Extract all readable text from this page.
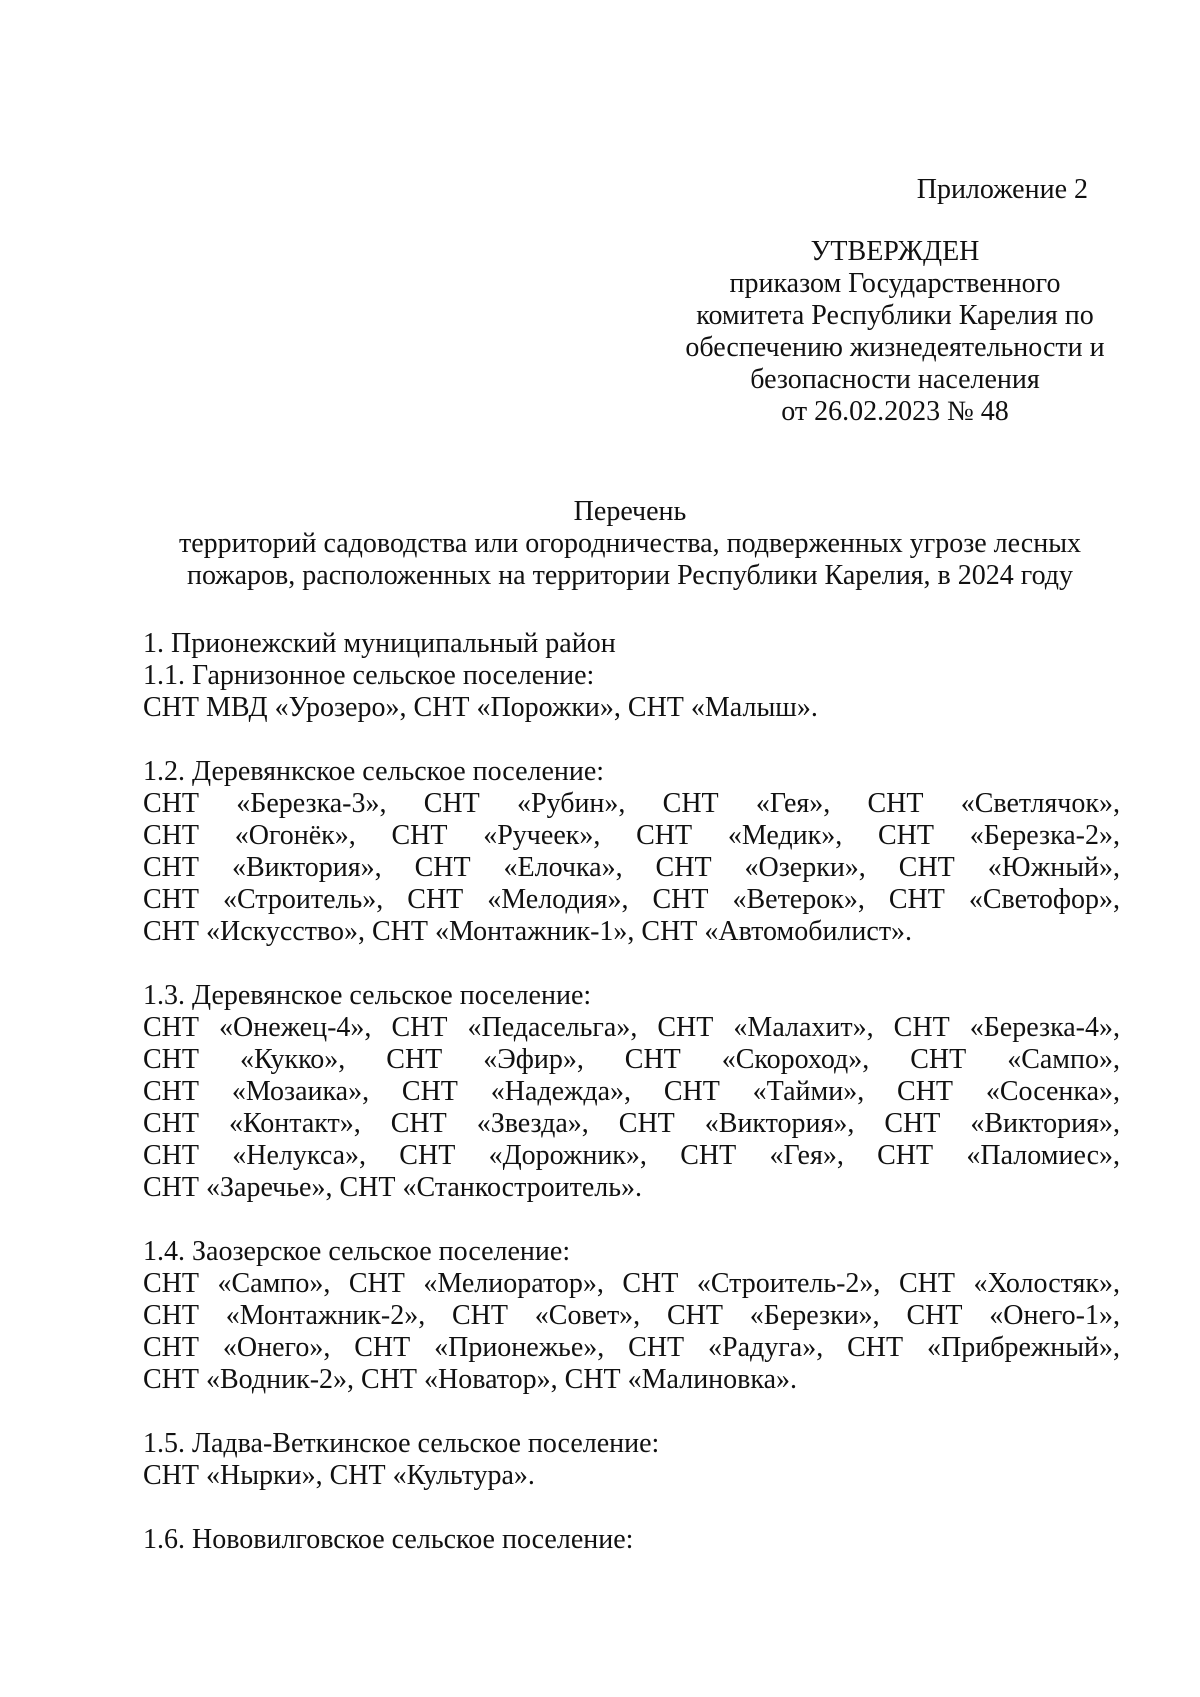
Приложение 2
УТВЕРЖДЕН
приказом Государственного
комитета Республики Карелия по
обеспечению жизнедеятельности и
безопасности населения
от 26.02.2023 № 48
Перечень
территорий садоводства или огородничества, подверженных угрозе лесных
пожаров, расположенных на территории Республики Карелия, в 2024 году
1. Прионежский муниципальный район
1.1. Гарнизонное сельское поселение:
СНТ МВД «Урозеро», СНТ «Порожки», СНТ «Малыш».
1.2. Деревянкское сельское поселение:
СНТ «Березка-3», СНТ «Рубин», СНТ «Гея», СНТ «Светлячок»,
СНТ «Огонёк», СНТ «Ручеек», СНТ «Медик», СНТ «Березка-2»,
СНТ «Виктория», СНТ «Елочка», СНТ «Озерки», СНТ «Южный»,
СНТ «Строитель», СНТ «Мелодия», СНТ «Ветерок», СНТ «Светофор»,
СНТ «Искусство», СНТ «Монтажник-1», СНТ «Автомобилист».
1.3. Деревянское сельское поселение:
СНТ «Онежец-4», СНТ «Педасельга», СНТ «Малахит», СНТ «Березка-4»,
СНТ «Кукко», СНТ «Эфир», СНТ «Скороход», СНТ «Сампо»,
СНТ «Мозаика», СНТ «Надежда», СНТ «Тайми», СНТ «Сосенка»,
СНТ «Контакт», СНТ «Звезда», СНТ «Виктория», СНТ «Виктория»,
СНТ «Нелукса», СНТ «Дорожник», СНТ «Гея», СНТ «Паломиес»,
СНТ «Заречье», СНТ «Станкостроитель».
1.4. Заозерское сельское поселение:
СНТ «Сампо», СНТ «Мелиоратор», СНТ «Строитель-2», СНТ «Холостяк»,
СНТ «Монтажник-2», СНТ «Совет», СНТ «Березки», СНТ «Онего-1»,
СНТ «Онего», СНТ «Прионежье», СНТ «Радуга», СНТ «Прибрежный»,
СНТ «Водник-2», СНТ «Новатор», СНТ «Малиновка».
1.5. Ладва-Веткинское сельское поселение:
СНТ «Нырки», СНТ «Культура».
1.6. Нововилговское сельское поселение:
